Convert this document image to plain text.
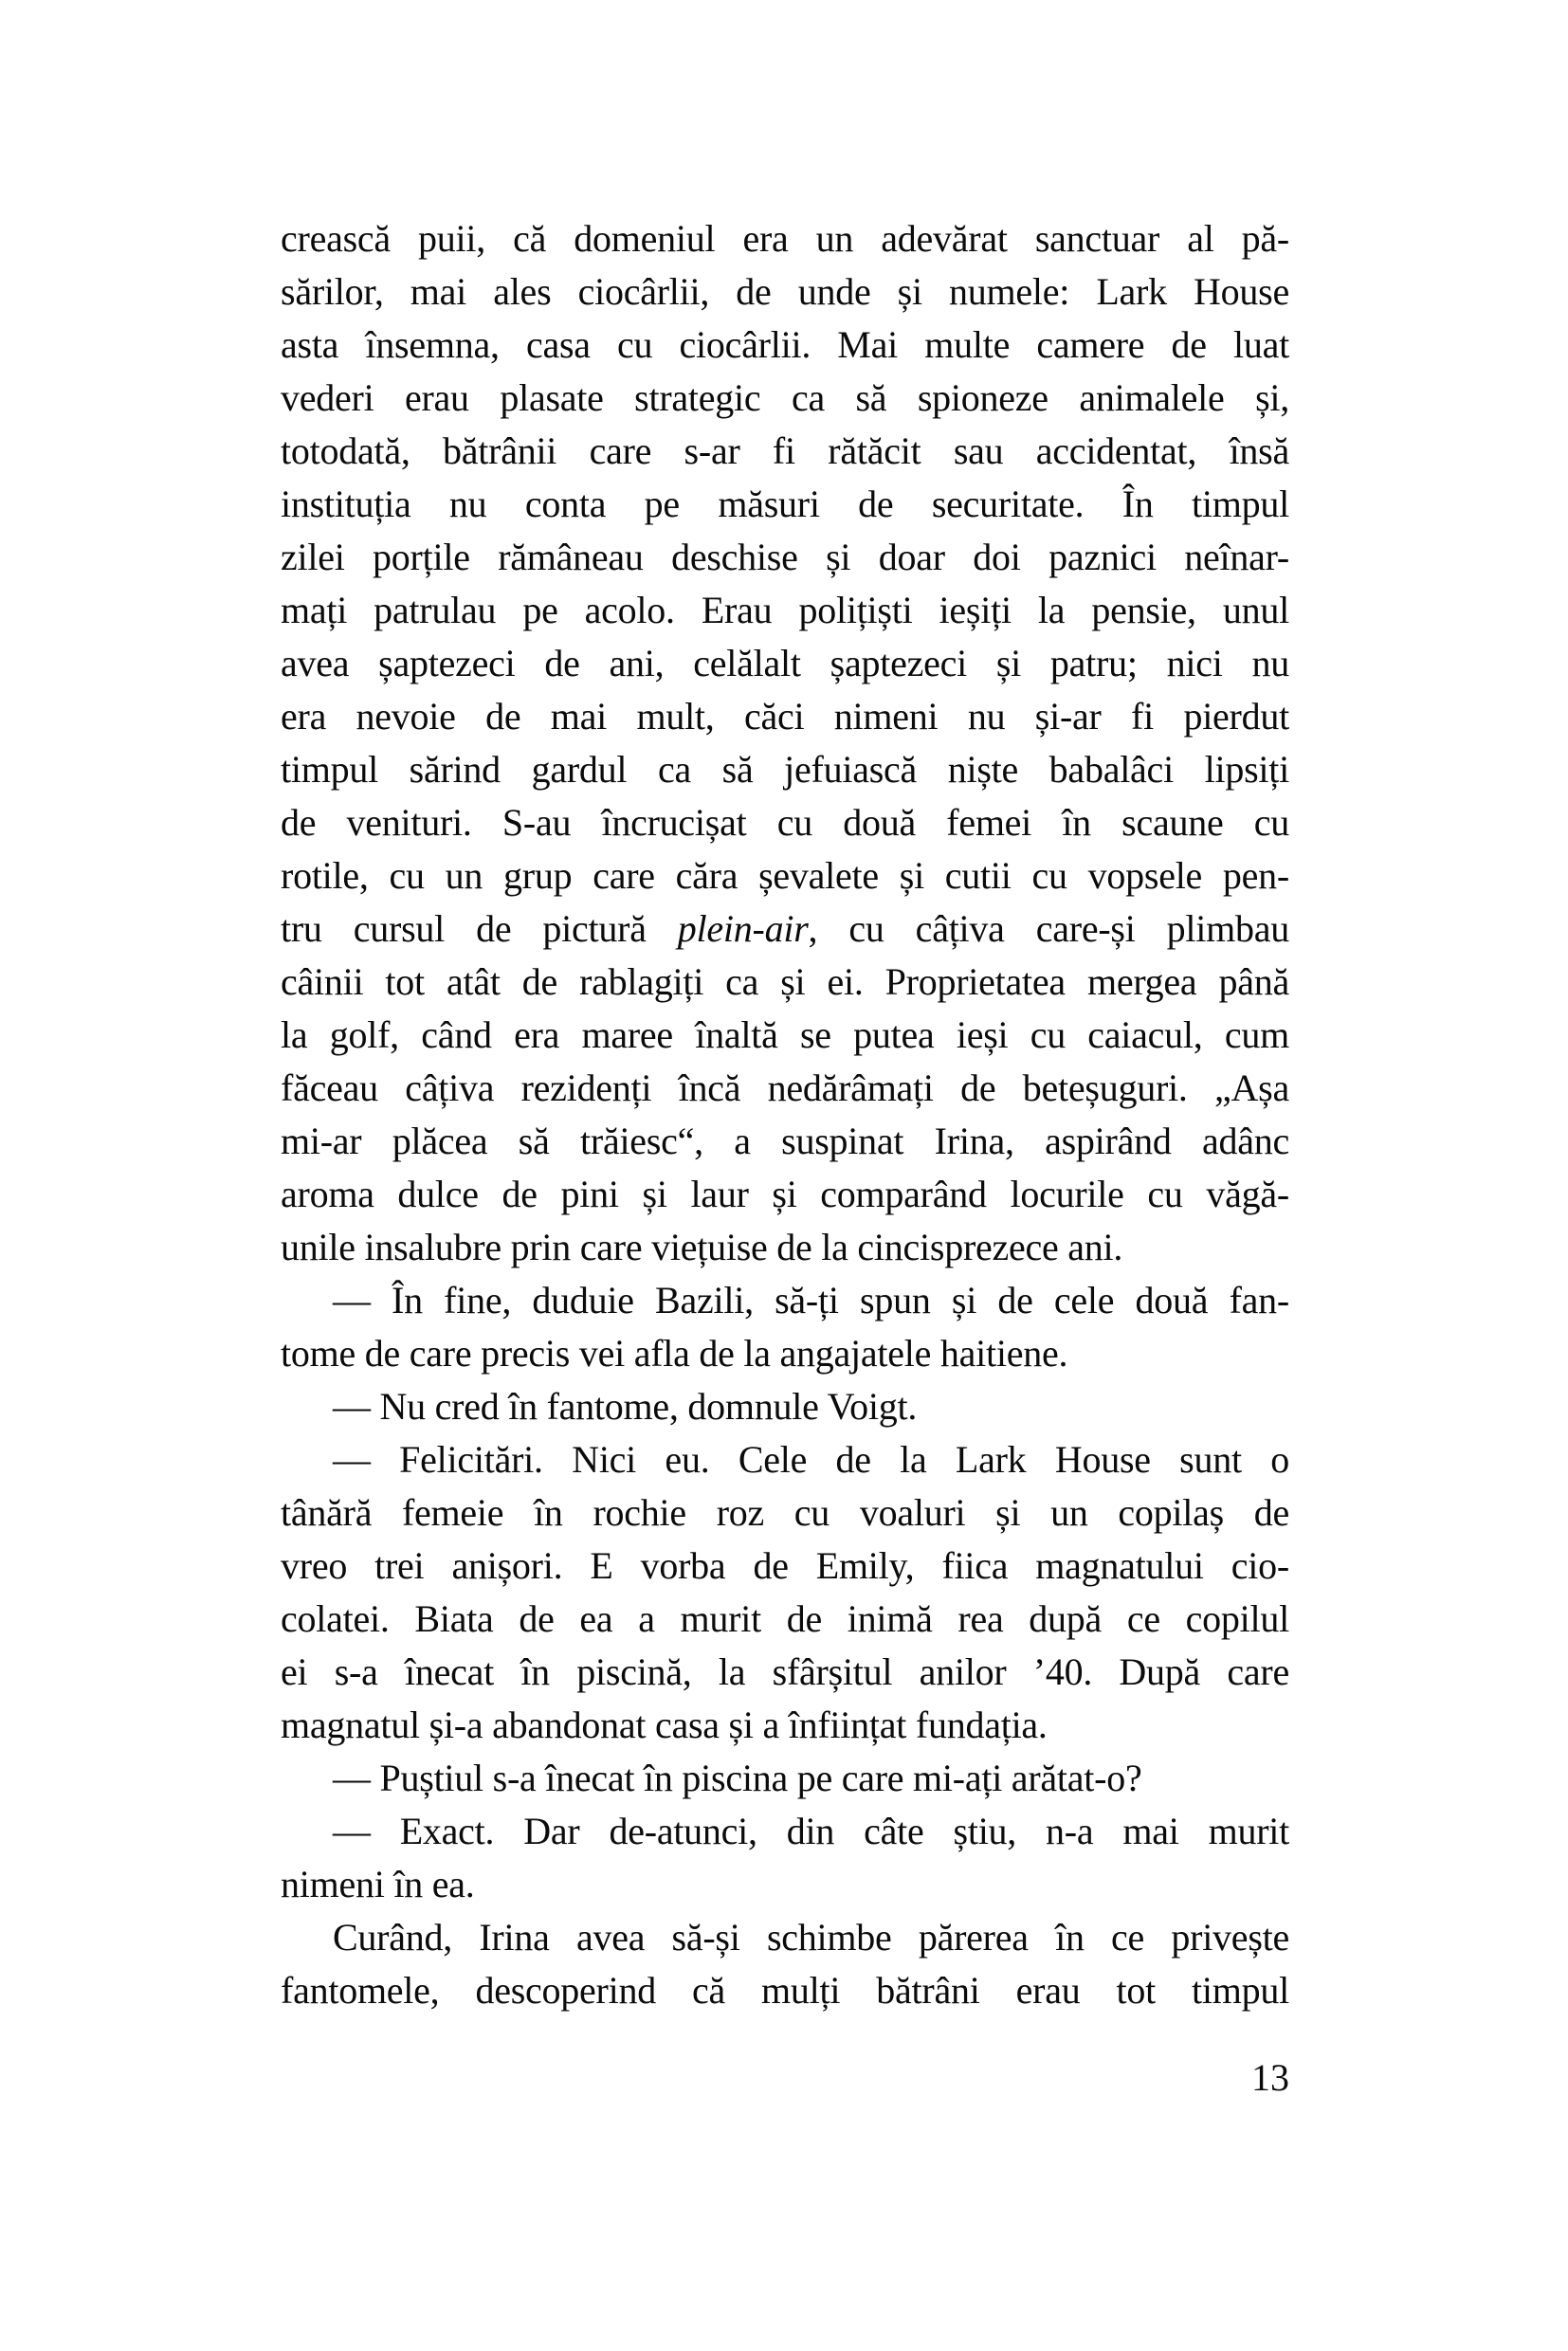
crească puii, că domeniul era un adevărat sanctuar al pă-
sărilor, mai ales ciocârlii, de unde și numele: Lark House
asta însemna, casa cu ciocârlii. Mai multe camere de luat
vederi erau plasate strategic ca să spioneze animalele și,
totodată, bătrânii care s-ar fi rătăcit sau accidentat, însă
instituția nu conta pe măsuri de securitate. În timpul
zilei porțile rămâneau deschise și doar doi paznici neînar-
mați patrulau pe acolo. Erau polițiști ieșiți la pensie, unul
avea șaptezeci de ani, celălalt șaptezeci și patru; nici nu
era nevoie de mai mult, căci nimeni nu și-ar fi pierdut
timpul sărind gardul ca să jefuiască niște babalâci lipsiți
de venituri. S-au încrucișat cu două femei în scaune cu
rotile, cu un grup care căra șevalete și cutii cu vopsele pen-
tru cursul de pictură plein-air, cu câțiva care-și plimbau
câinii tot atât de rablagiți ca și ei. Proprietatea mergea până
la golf, când era maree înaltă se putea ieși cu caiacul, cum
făceau câțiva rezidenți încă nedărâmați de beteșuguri. „Așa
mi-ar plăcea să trăiesc“, a suspinat Irina, aspirând adânc
aroma dulce de pini și laur și comparând locurile cu văgă-
unile insalubre prin care viețuise de la cincisprezece ani.
— În fine, duduie Bazili, să-ți spun și de cele două fan-
tome de care precis vei afla de la angajatele haitiene.
— Nu cred în fantome, domnule Voigt.
— Felicitări. Nici eu. Cele de la Lark House sunt o
tânără femeie în rochie roz cu voaluri și un copilaș de
vreo trei anișori. E vorba de Emily, fiica magnatului cio-
colatei. Biata de ea a murit de inimă rea după ce copilul
ei s-a înecat în piscină, la sfârșitul anilor ’40. După care
magnatul și-a abandonat casa și a înființat fundația.
— Puștiul s-a înecat în piscina pe care mi-ați arătat-o?
— Exact. Dar de-atunci, din câte știu, n-a mai murit
nimeni în ea.
Curând, Irina avea să-și schimbe părerea în ce privește
fantomele, descoperind că mulți bătrâni erau tot timpul
13
